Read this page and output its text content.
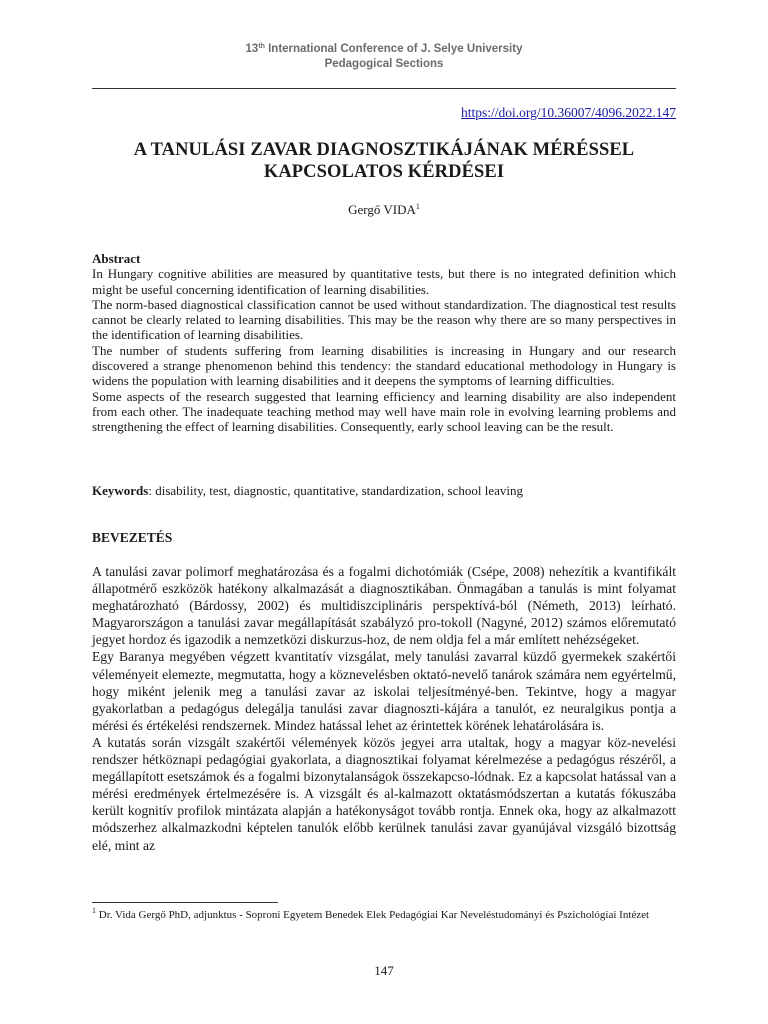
13th International Conference of J. Selye University
Pedagogical Sections
https://doi.org/10.36007/4096.2022.147
A TANULÁSI ZAVAR DIAGNOSZTIKÁJÁNAK MÉRÉSSEL
KAPCSOLATOS KÉRDÉSEI
Gergő VIDA$^1$
Abstract

In Hungary cognitive abilities are measured by quantitative tests, but there is no integrated definition which might be useful concerning identification of learning disabilities.

The norm-based diagnostical classification cannot be used without standardization. The diagnostical test results cannot be clearly related to learning disabilities. This may be the reason why there are so many perspectives in the identification of learning disabilities.

The number of students suffering from learning disabilities is increasing in Hungary and our research discovered a strange phenomenon behind this tendency: the standard educational methodology in Hungary is widens the population with learning disabilities and it deepens the symptoms of learning difficulties.

Some aspects of the research suggested that learning efficiency and learning disability are also independent from each other. The inadequate teaching method may well have main role in evolving learning problems and strengthening the effect of learning disabilities. Consequently, early school leaving can be the result.

Keywords: disability, test, diagnostic, quantitative, standardization, school leaving
BEVEZETÉS

A tanulási zavar polimorf meghatározása és a fogalmi dichotómiák (Csépe, 2008) nehezítik a kvantifikált állapotmérő eszközök hatékony alkalmazását a diagnosztikában. Önmagában a tanulás is mint folyamat meghatározható (Bárdossy, 2002) és multidiszciplináris perspektívá-ból (Németh, 2013) leírható. Magyarországon a tanulási zavar megállapítását szabályzó pro-tokoll (Nagyné, 2012) számos előremutató jegyet hordoz és igazodik a nemzetközi diskurzus-hoz, de nem oldja fel a már említett nehézségeket.

Egy Baranya megyében végzett kvantitatív vizsgálat, mely tanulási zavarral küzdő gyermekek szakértői véleményeit elemezte, megmutatta, hogy a köznevelésben oktató-nevelő tanárok számára nem egyértelmű, hogy miként jelenik meg a tanulási zavar az iskolai teljesítményé-ben. Tekintve, hogy a magyar gyakorlatban a pedagógus delegálja tanulási zavar diagnoszti-kájára a tanulót, ez neuralgikus pontja a mérési és értékelési rendszernek. Mindez hatással lehet az érintettek körének lehatárolására is.

A kutatás során vizsgált szakértői vélemények közös jegyei arra utaltak, hogy a magyar köz-nevelési rendszer hétköznapi pedagógiai gyakorlata, a diagnosztikai folyamat kérelmezése a pedagógus részéről, a megállapított esetszámok és a fogalmi bizonytalanságok összekapcso-lódnak. Ez a kapcsolat hatással van a mérési eredmények értelmezésére is. A vizsgált és al-kalmazott oktatásmódszertan a kutatás fókuszába került kognitív profilok mintázata alapján a hatékonyságot tovább rontja. Ennek oka, hogy az alkalmazott módszerhez alkalmazkodni képtelen tanulók előbb kerülnek tanulási zavar gyanújával vizsgáló bizottság elé, mint az

$^1$ Dr. Vida Gergő PhD, adjunktus - Soproni Egyetem Benedek Elek Pedagógiai Kar Neveléstudományi és Pszichológiai Intézet
147
